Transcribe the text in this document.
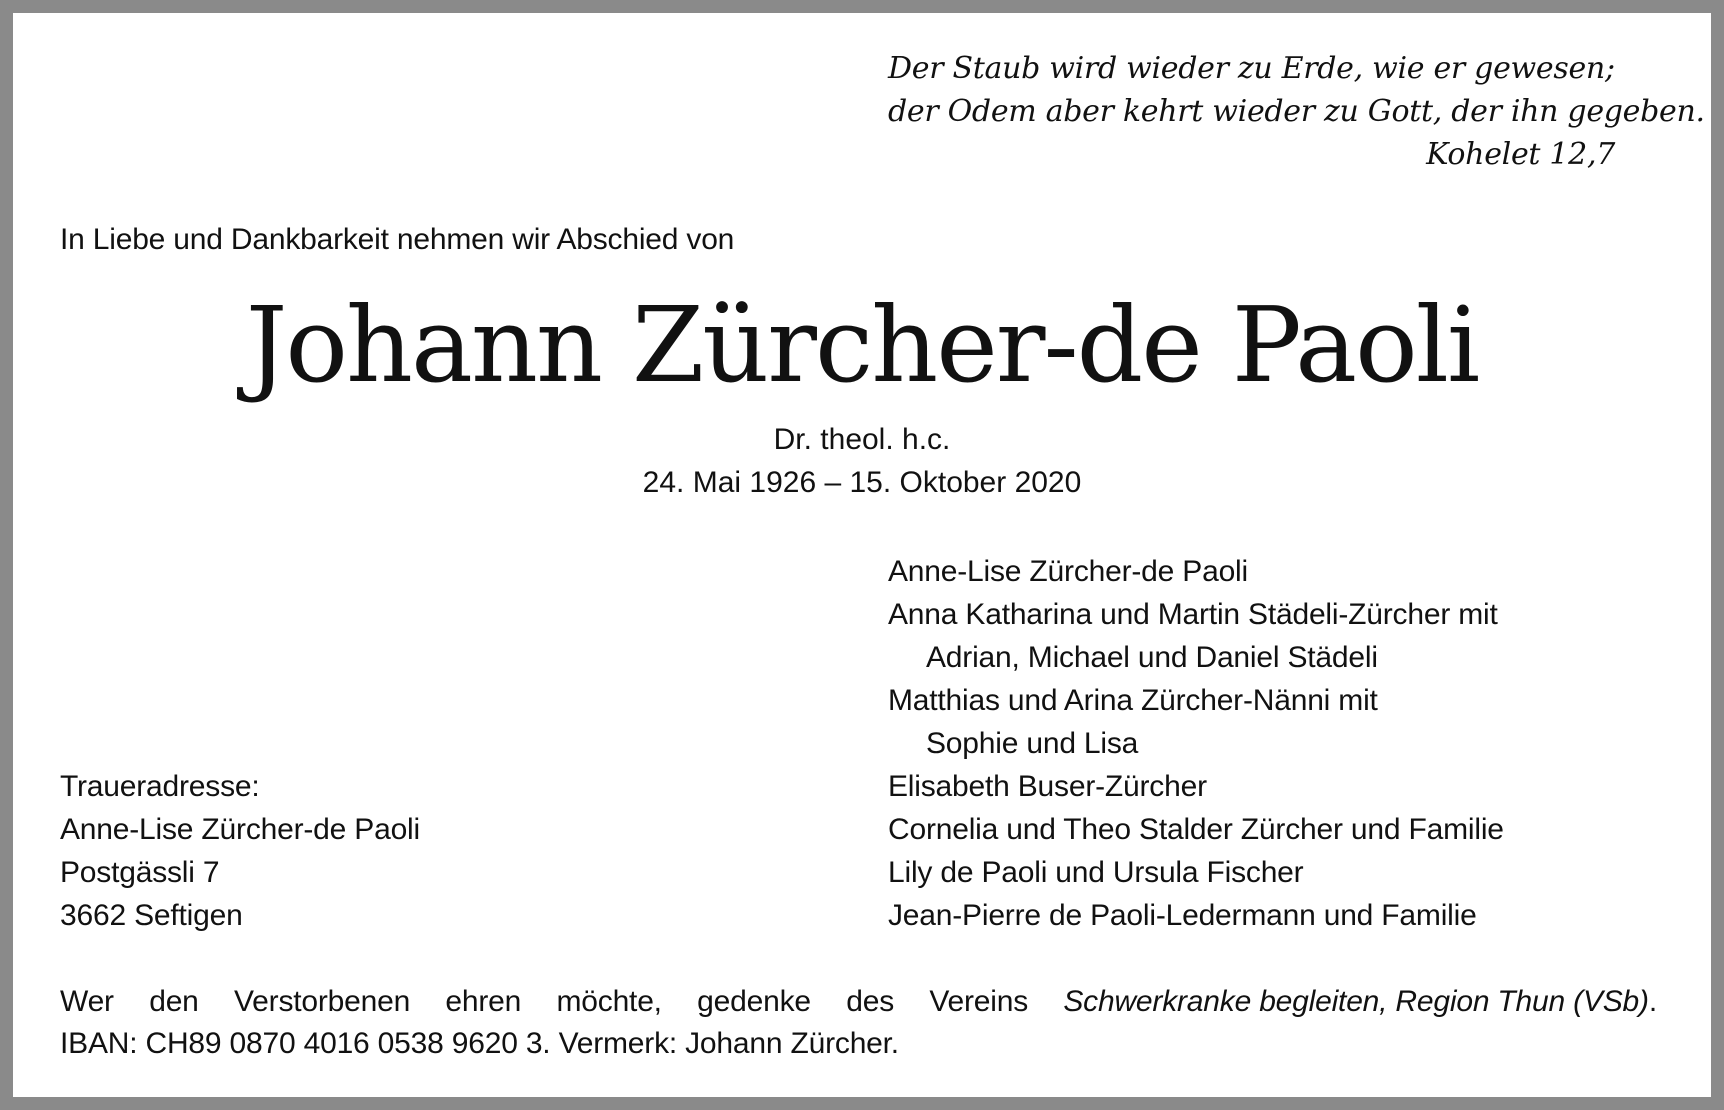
Der Staub wird wieder zu Erde, wie er gewesen;
der Odem aber kehrt wieder zu Gott, der ihn gegeben.
Kohelet 12,7
In Liebe und Dankbarkeit nehmen wir Abschied von
Johann Zürcher-de Paoli
Dr. theol. h.c.
24. Mai 1926 – 15. Oktober 2020
Anne-Lise Zürcher-de Paoli
Anna Katharina und Martin Städeli-Zürcher mit
Adrian, Michael und Daniel Städeli
Matthias und Arina Zürcher-Nänni mit
Sophie und Lisa
Elisabeth Buser-Zürcher
Cornelia und Theo Stalder Zürcher und Familie
Lily de Paoli und Ursula Fischer
Jean-Pierre de Paoli-Ledermann und Familie
Traueradresse:
Anne-Lise Zürcher-de Paoli
Postgässli 7
3662 Seftigen
Wer den Verstorbenen ehren möchte, gedenke des Vereins Schwerkranke begleiten, Region Thun (VSb).
IBAN: CH89 0870 4016 0538 9620 3. Vermerk: Johann Zürcher.
